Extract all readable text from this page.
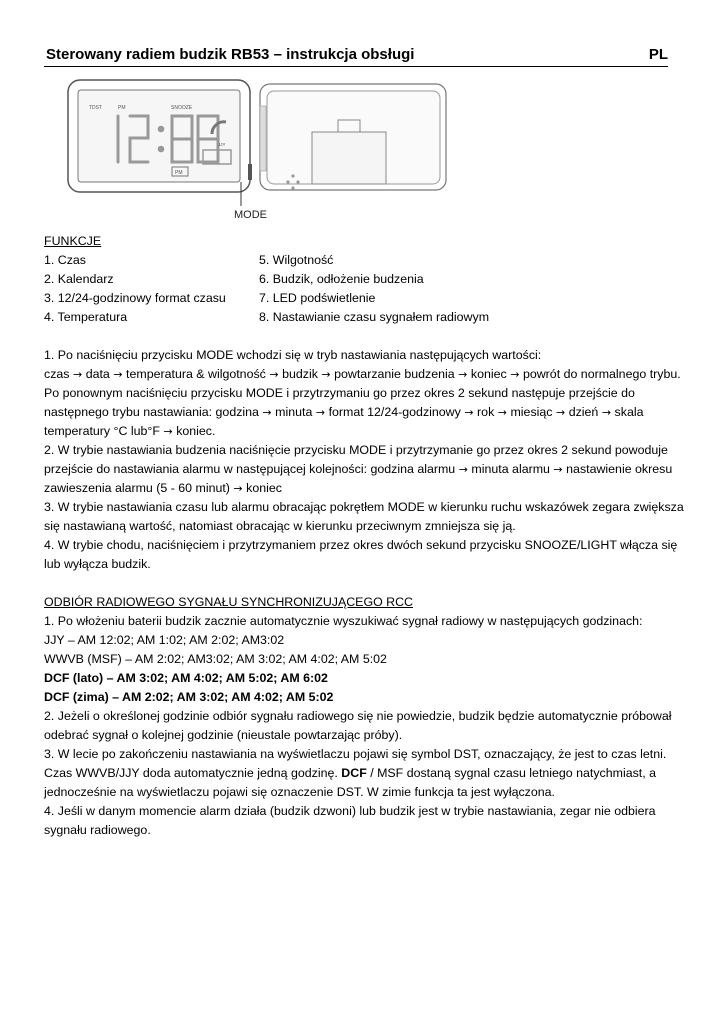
Sterowany radiem budzik RB53 – instrukcja obsługi	PL
TDST	PM	SNOOZE
JJY
PM
MODE

FUNKCJE

1. Czas

2. Kalendarz

3. 12/24-godzinowy format czasu

4. Temperatura

5. Wilgotność

6. Budzik, odłożenie budzenia

7. LED podświetlenie

8. Nastawianie czasu sygnałem radiowym

1. Po naciśnięciu przycisku MODE wchodzi się w tryb nastawiania następujących wartości:

czas → data → temperatura & wilgotność → budzik → powtarzanie budzenia → koniec → powrót do normalnego trybu. Po ponownym naciśnięciu przycisku MODE i przytrzymaniu go przez okres 2 sekund następuje przejście do następnego trybu nastawiania: godzina → minuta → format 12/24-godzinowy → rok → miesiąc → dzień → skala temperatury °C lub°F → koniec.

2. W trybie nastawiania budzenia naciśnięcie przycisku MODE i przytrzymanie go przez okres 2 sekund powoduje przejście do nastawiania alarmu w następującej kolejności: godzina alarmu → minuta alarmu → nastawienie okresu zawieszenia alarmu (5 - 60 minut) → koniec

3. W trybie nastawiania czasu lub alarmu obracając pokrętłem MODE w kierunku ruchu wskazówek zegara zwiększa się nastawianą wartość, natomiast obracając w kierunku przeciwnym zmniejsza się ją.

4. W trybie chodu, naciśnięciem i przytrzymaniem przez okres dwóch sekund przycisku SNOOZE/LIGHT włącza się lub wyłącza budzik.

ODBIÓR RADIOWEGO SYGNAŁU SYNCHRONIZUJĄCEGO RCC

1. Po włożeniu baterii budzik zacznie automatycznie wyszukiwać sygnał radiowy w następujących godzinach:

JJY – AM 12:02; AM 1:02; AM 2:02; AM3:02

WWVB (MSF) – AM 2:02; AM3:02; AM 3:02; AM 4:02; AM 5:02

DCF (lato) – AM 3:02; AM 4:02; AM 5:02; AM 6:02

DCF (zima) – AM 2:02; AM 3:02; AM 4:02; AM 5:02

2. Jeżeli o określonej godzinie odbiór sygnału radiowego się nie powiedzie, budzik będzie automatycznie próbował odebrać sygnał o kolejnej godzinie (nieustale powtarzając próby).

3. W lecie po zakończeniu nastawiania na wyświetlaczu pojawi się symbol DST, oznaczający, że jest to czas letni. Czas WWVB/JJY doda automatycznie jedną godzinę. DCF / MSF dostaną sygnal czasu letniego natychmiast, a jednocześnie na wyświetlaczu pojawi się oznaczenie DST. W zimie funkcja ta jest wyłączona.

4. Jeśli w danym momencie alarm działa (budzik dzwoni) lub budzik jest w trybie nastawiania, zegar nie odbiera sygnału radiowego.
